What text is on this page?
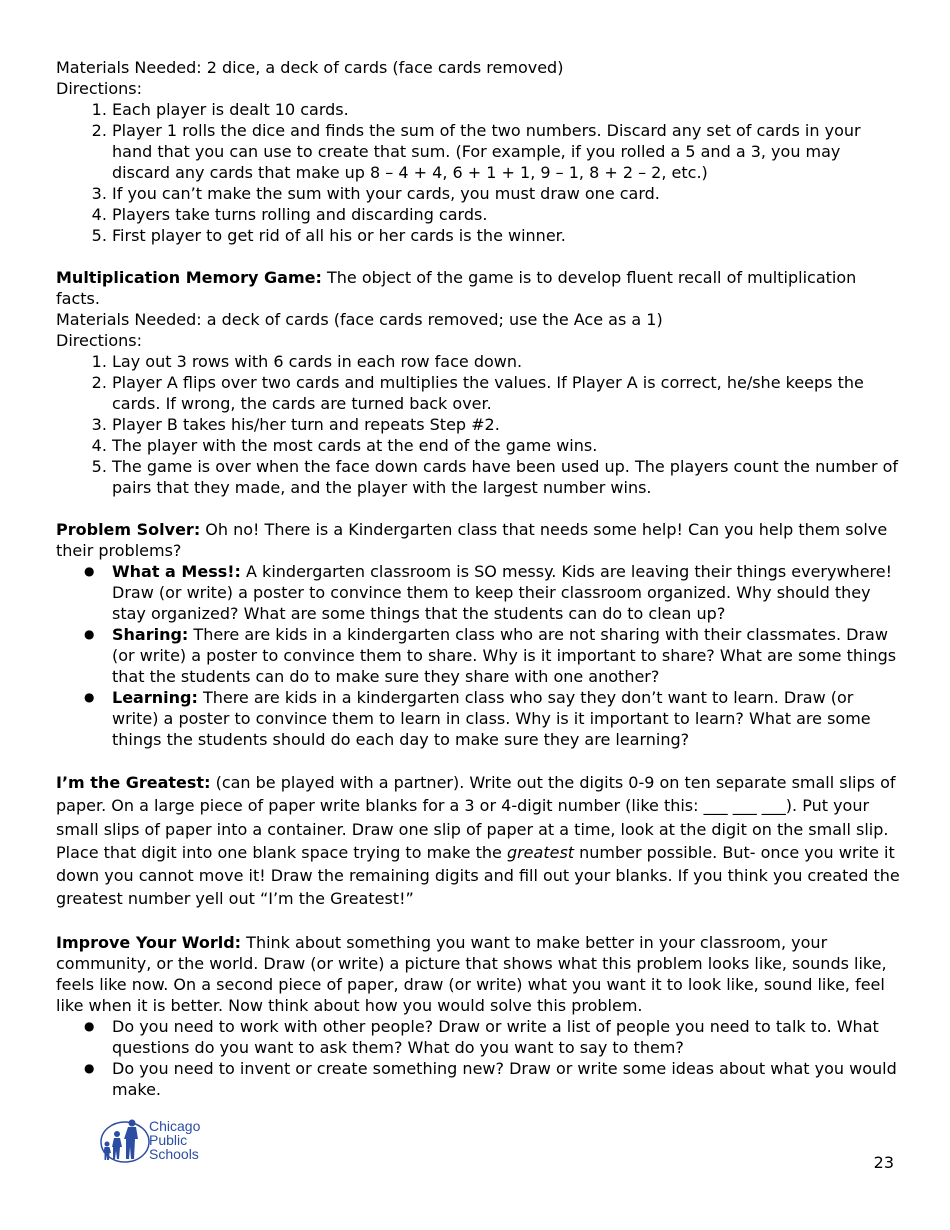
Materials Needed: 2 dice, a deck of cards (face cards removed)

Directions:

1. Each player is dealt 10 cards.
2. Player 1 rolls the dice and finds the sum of the two numbers. Discard any set of cards in your hand that you can use to create that sum. (For example, if you rolled a 5 and a 3, you may discard any cards that make up 8 – 4 + 4, 6 + 1 + 1, 9 – 1, 8 + 2 – 2, etc.)
3. If you can’t make the sum with your cards, you must draw one card.
4. Players take turns rolling and discarding cards.
5. First player to get rid of all his or her cards is the winner.

Multiplication Memory Game: The object of the game is to develop fluent recall of multiplication facts.

Materials Needed: a deck of cards (face cards removed; use the Ace as a 1)

Directions:

1. Lay out 3 rows with 6 cards in each row face down.
2. Player A flips over two cards and multiplies the values. If Player A is correct, he/she keeps the cards. If wrong, the cards are turned back over.
3. Player B takes his/her turn and repeats Step #2.
4. The player with the most cards at the end of the game wins.
5. The game is over when the face down cards have been used up. The players count the number of pairs that they made, and the player with the largest number wins.

Problem Solver: Oh no! There is a Kindergarten class that needs some help! Can you help them solve their problems?

● What a Mess!: A kindergarten classroom is SO messy. Kids are leaving their things everywhere! Draw (or write) a poster to convince them to keep their classroom organized. Why should they stay organized? What are some things that the students can do to clean up?
● Sharing: There are kids in a kindergarten class who are not sharing with their classmates. Draw (or write) a poster to convince them to share. Why is it important to share? What are some things that the students can do to make sure they share with one another?
● Learning: There are kids in a kindergarten class who say they don’t want to learn. Draw (or write) a poster to convince them to learn in class. Why is it important to learn? What are some things the students should do each day to make sure they are learning?

I’m the Greatest: (can be played with a partner). Write out the digits 0-9 on ten separate small slips of paper. On a large piece of paper write blanks for a 3 or 4-digit number (like this: ___ ___ ___). Put your small slips of paper into a container. Draw one slip of paper at a time, look at the digit on the small slip. Place that digit into one blank space trying to make the greatest number possible. But- once you write it down you cannot move it! Draw the remaining digits and fill out your blanks. If you think you created the greatest number yell out “I’m the Greatest!”

Improve Your World: Think about something you want to make better in your classroom, your community, or the world. Draw (or write) a picture that shows what this problem looks like, sounds like, feels like now. On a second piece of paper, draw (or write) what you want it to look like, sound like, feel like when it is better. Now think about how you would solve this problem.

● Do you need to work with other people? Draw or write a list of people you need to talk to. What questions do you want to ask them? What do you want to say to them?
● Do you need to invent or create something new? Draw or write some ideas about what you would make.
Chicago
Public
Schools	23
